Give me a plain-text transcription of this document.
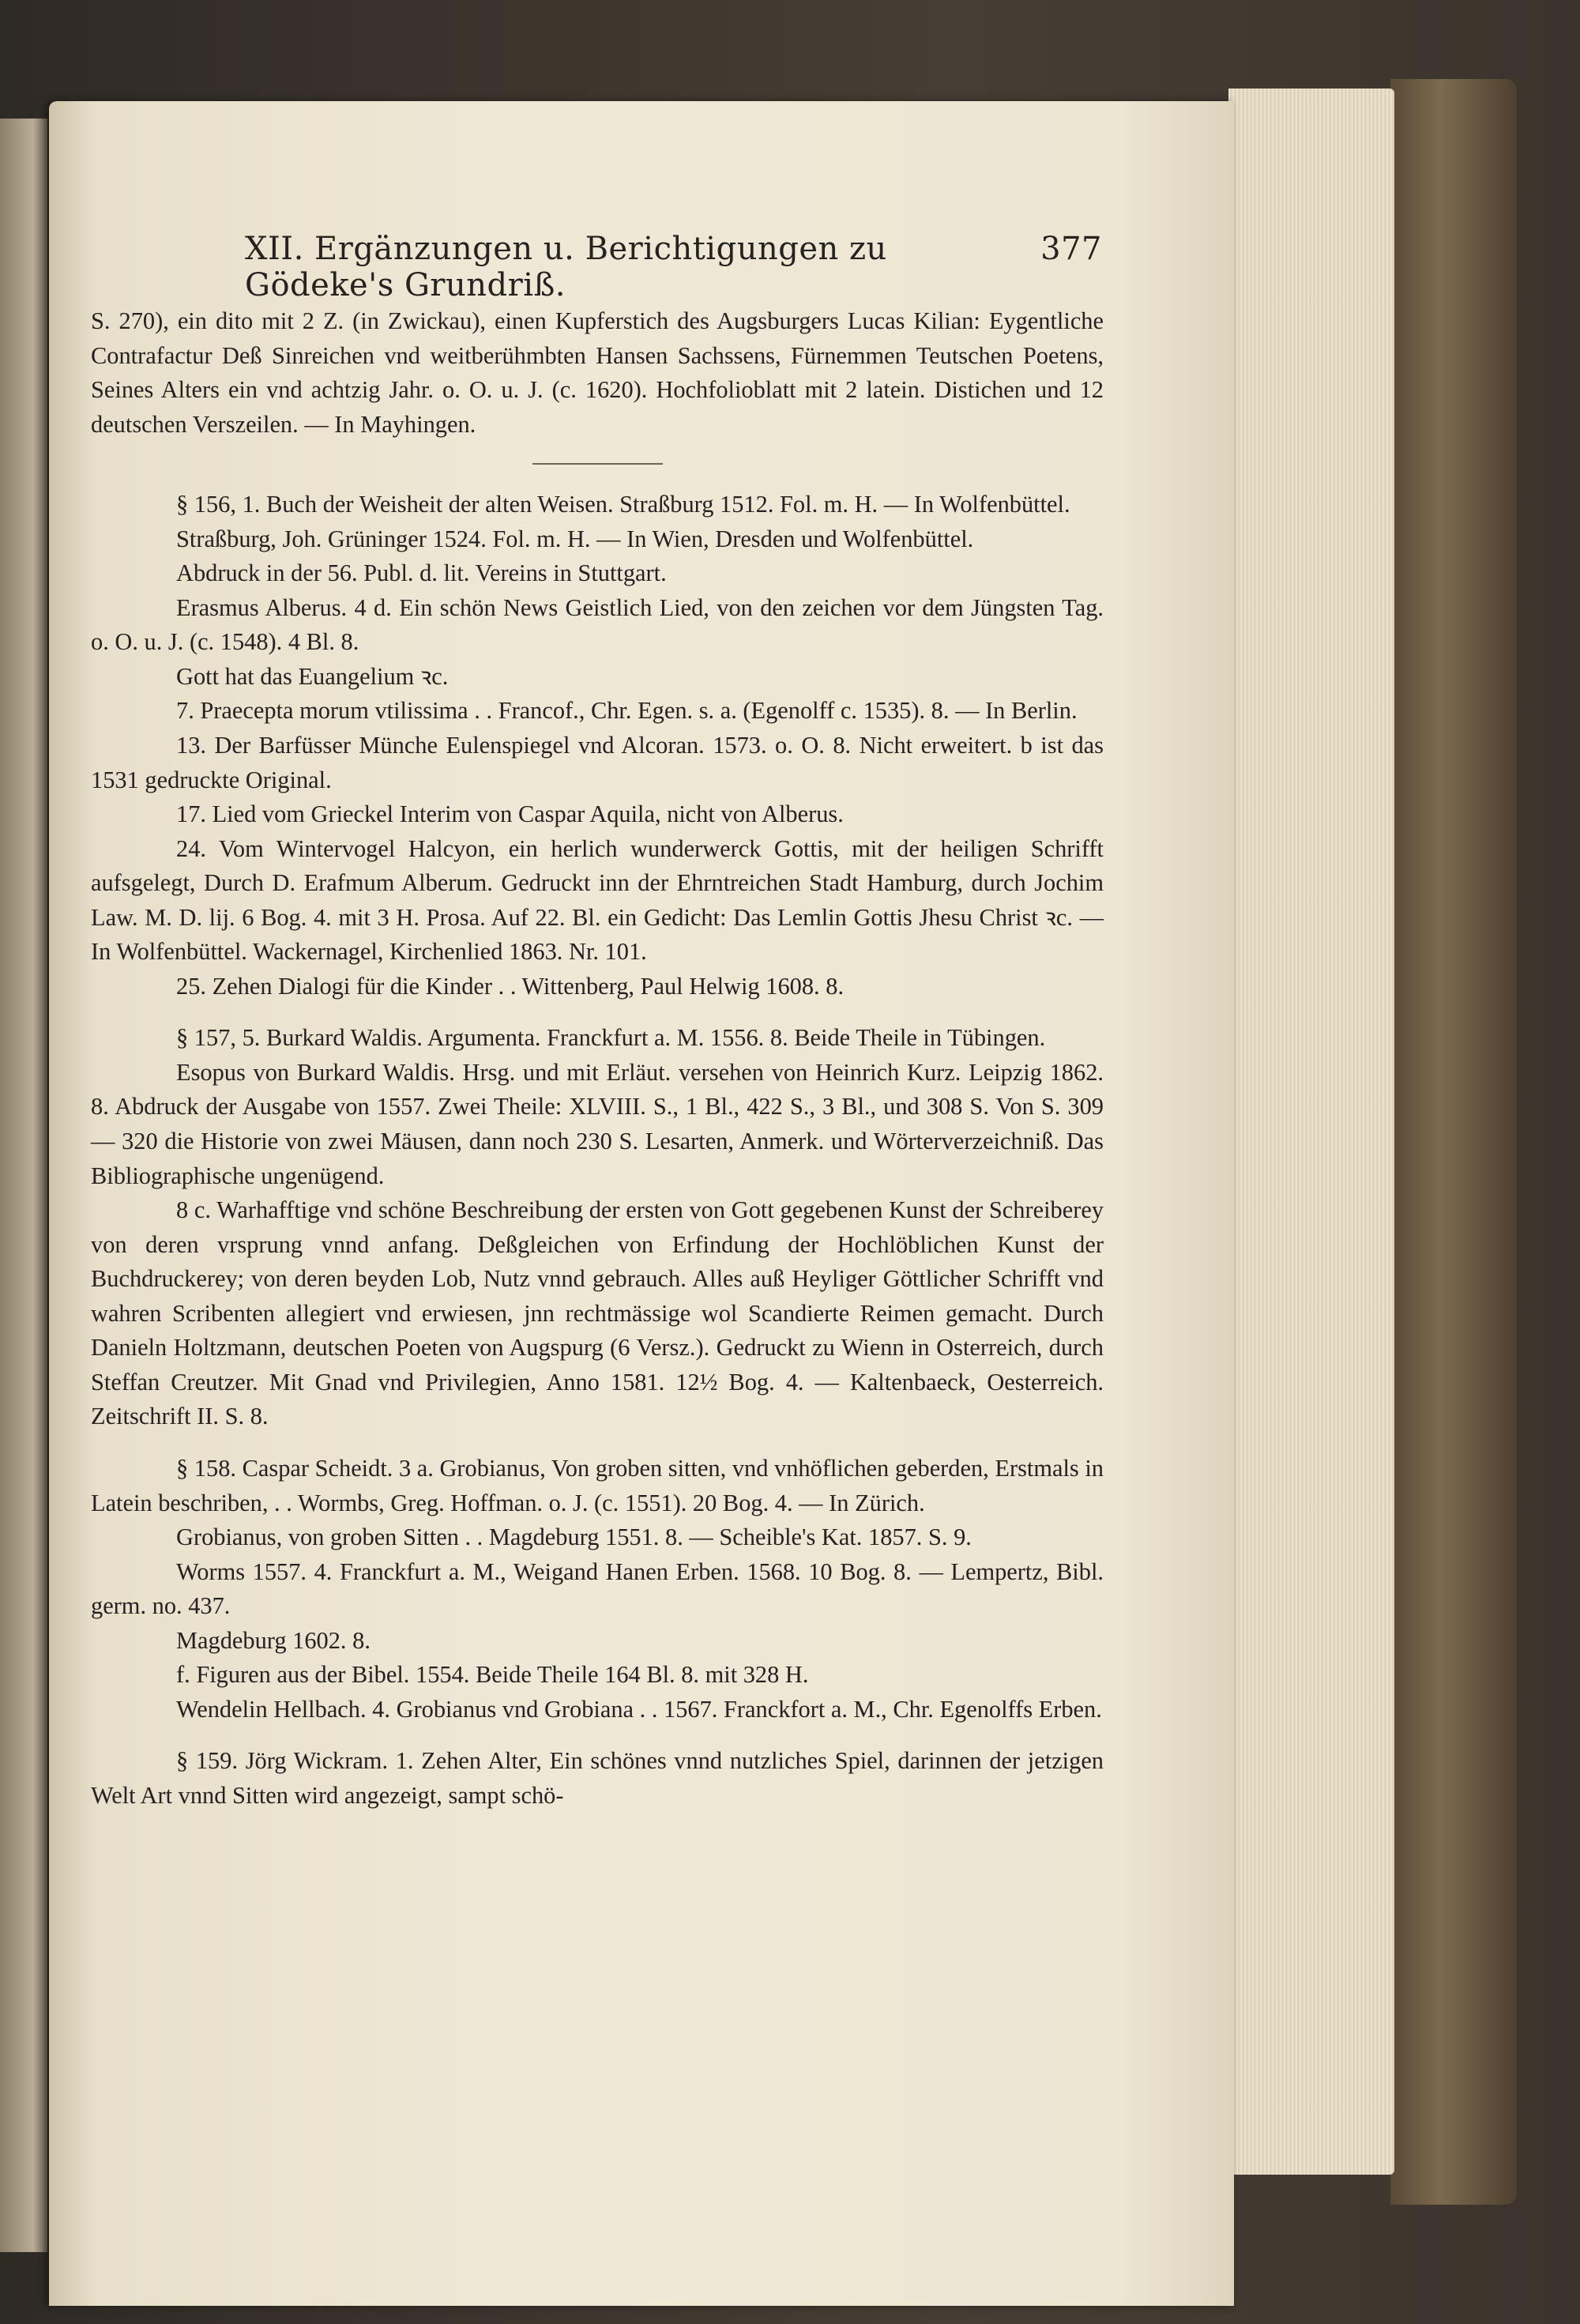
XII. Ergänzungen u. Berichtigungen zu Gödeke's Grundriß.
377

S. 270), ein dito mit 2 Z. (in Zwickau), einen Kupferstich des Augsburgers Lucas Kilian: Eygentliche Contrafactur Deß Sinreichen vnd weitberühmbten Hansen Sachssens, Fürnemmen Teutschen Poetens, Seines Alters ein vnd achtzig Jahr. o. O. u. J. (c. 1620). Hochfolioblatt mit 2 latein. Distichen und 12 deutschen Verszeilen. — In Mayhingen.

§ 156, 1. Buch der Weisheit der alten Weisen. Straßburg 1512. Fol. m. H. — In Wolfenbüttel.

Straßburg, Joh. Grüninger 1524. Fol. m. H. — In Wien, Dresden und Wolfenbüttel.

Abdruck in der 56. Publ. d. lit. Vereins in Stuttgart.

Erasmus Alberus. 4 d. Ein schön News Geistlich Lied, von den zeichen vor dem Jüngsten Tag. o. O. u. J. (c. 1548). 4 Bl. 8.

Gott hat das Euangelium ꝛc.

7. Praecepta morum vtilissima . . Francof., Chr. Egen. s. a. (Egenolff c. 1535). 8. — In Berlin.

13. Der Barfüsser Münche Eulenspiegel vnd Alcoran. 1573. o. O. 8. Nicht erweitert. b ist das 1531 gedruckte Original.

17. Lied vom Grieckel Interim von Caspar Aquila, nicht von Alberus.

24. Vom Wintervogel Halcyon, ein herlich wunderwerck Gottis, mit der heiligen Schrifft aufsgelegt, Durch D. Erafmum Alberum. Gedruckt inn der Ehrntreichen Stadt Hamburg, durch Jochim Law. M. D. lij. 6 Bog. 4. mit 3 H. Prosa. Auf 22. Bl. ein Gedicht: Das Lemlin Gottis Jhesu Christ ꝛc. — In Wolfenbüttel. Wackernagel, Kirchenlied 1863. Nr. 101.

25. Zehen Dialogi für die Kinder . . Wittenberg, Paul Helwig 1608. 8.

§ 157, 5. Burkard Waldis. Argumenta. Franckfurt a. M. 1556. 8. Beide Theile in Tübingen.

Esopus von Burkard Waldis. Hrsg. und mit Erläut. versehen von Heinrich Kurz. Leipzig 1862. 8. Abdruck der Ausgabe von 1557. Zwei Theile: XLVIII. S., 1 Bl., 422 S., 3 Bl., und 308 S. Von S. 309 — 320 die Historie von zwei Mäusen, dann noch 230 S. Lesarten, Anmerk. und Wörterverzeichniß. Das Bibliographische ungenügend.

8 c. Warhafftige vnd schöne Beschreibung der ersten von Gott gegebenen Kunst der Schreiberey von deren vrsprung vnnd anfang. Deßgleichen von Erfindung der Hochlöblichen Kunst der Buchdruckerey; von deren beyden Lob, Nutz vnnd gebrauch. Alles auß Heyliger Göttlicher Schrifft vnd wahren Scribenten allegiert vnd erwiesen, jnn rechtmässige wol Scandierte Reimen gemacht. Durch Danieln Holtzmann, deutschen Poeten von Augspurg (6 Versz.). Gedruckt zu Wienn in Osterreich, durch Steffan Creutzer. Mit Gnad vnd Privilegien, Anno 1581. 12½ Bog. 4. — Kaltenbaeck, Oesterreich. Zeitschrift II. S. 8.

§ 158. Caspar Scheidt. 3 a. Grobianus, Von groben sitten, vnd vnhöflichen geberden, Erstmals in Latein beschriben, . . Wormbs, Greg. Hoffman. o. J. (c. 1551). 20 Bog. 4. — In Zürich.

Grobianus, von groben Sitten . . Magdeburg 1551. 8. — Scheible's Kat. 1857. S. 9.

Worms 1557. 4. Franckfurt a. M., Weigand Hanen Erben. 1568. 10 Bog. 8. — Lempertz, Bibl. germ. no. 437.

Magdeburg 1602. 8.

f. Figuren aus der Bibel. 1554. Beide Theile 164 Bl. 8. mit 328 H.

Wendelin Hellbach. 4. Grobianus vnd Grobiana . . 1567. Franckfort a. M., Chr. Egenolffs Erben.

§ 159. Jörg Wickram. 1. Zehen Alter, Ein schönes vnnd nutzliches Spiel, darinnen der jetzigen Welt Art vnnd Sitten wird angezeigt, sampt schö-
